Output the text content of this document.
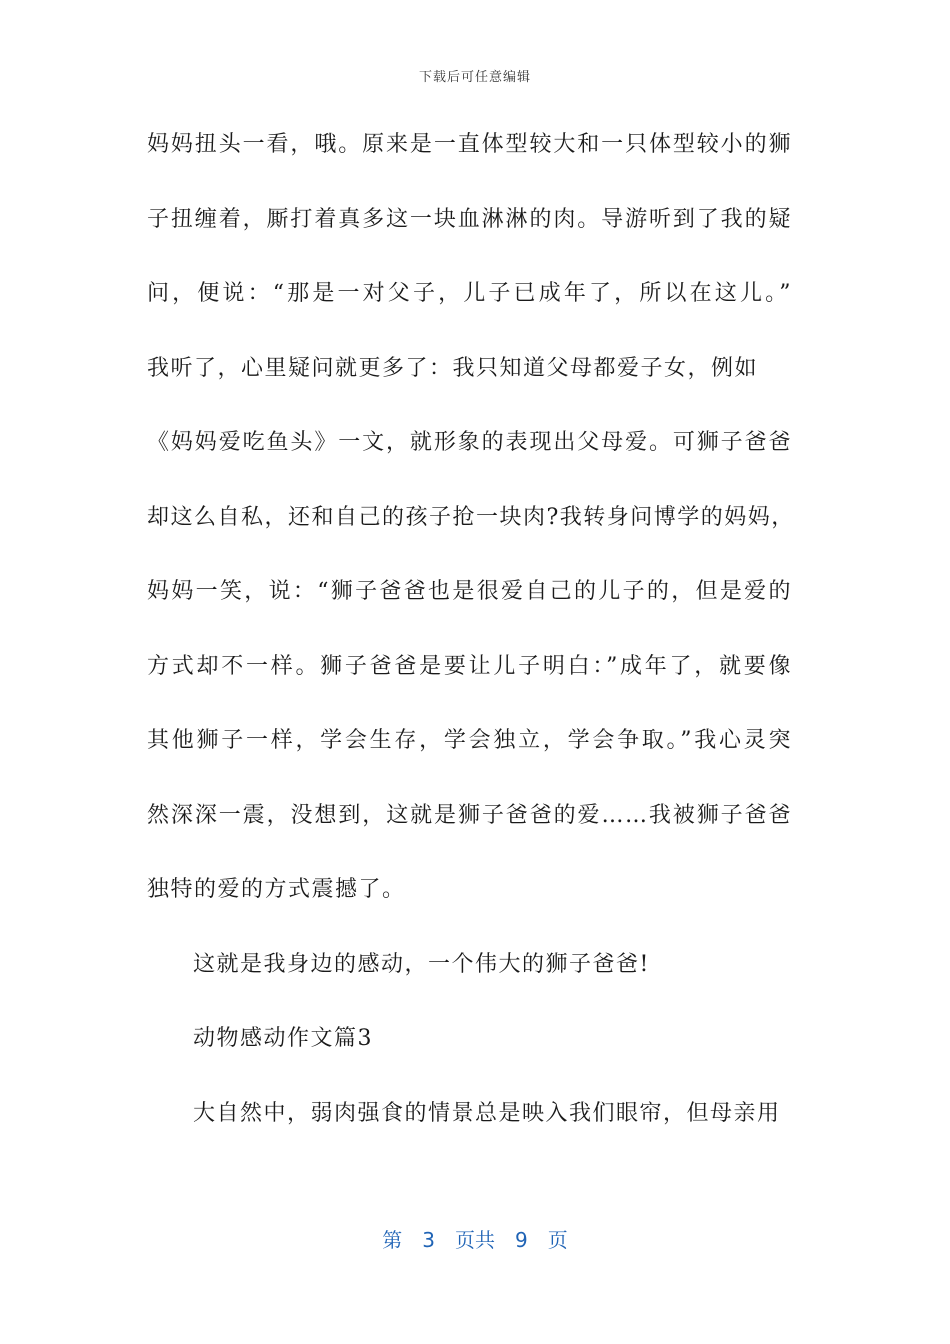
下载后可任意编辑
妈妈扭头一看，哦。原来是一直体型较大和一只体型较小的狮
子扭缠着，厮打着真多这一块血淋淋的肉。导游听到了我的疑
问，便说：“那是一对父子，儿子已成年了，所以在这儿。”
我听了，心里疑问就更多了：我只知道父母都爱子女，例如
《妈妈爱吃鱼头》一文，就形象的表现出父母爱。可狮子爸爸
却这么自私，还和自己的孩子抢一块肉?我转身问博学的妈妈，
妈妈一笑，说：“狮子爸爸也是很爱自己的儿子的，但是爱的
方式却不一样。狮子爸爸是要让儿子明白：”成年了，就要像
其他狮子一样，学会生存，学会独立，学会争取。”我心灵突
然深深一震，没想到，这就是狮子爸爸的爱……我被狮子爸爸
独特的爱的方式震撼了。
这就是我身边的感动，一个伟大的狮子爸爸!
动物感动作文篇3
大自然中，弱肉强食的情景总是映入我们眼帘，但母亲用
第 3 页共 9 页
